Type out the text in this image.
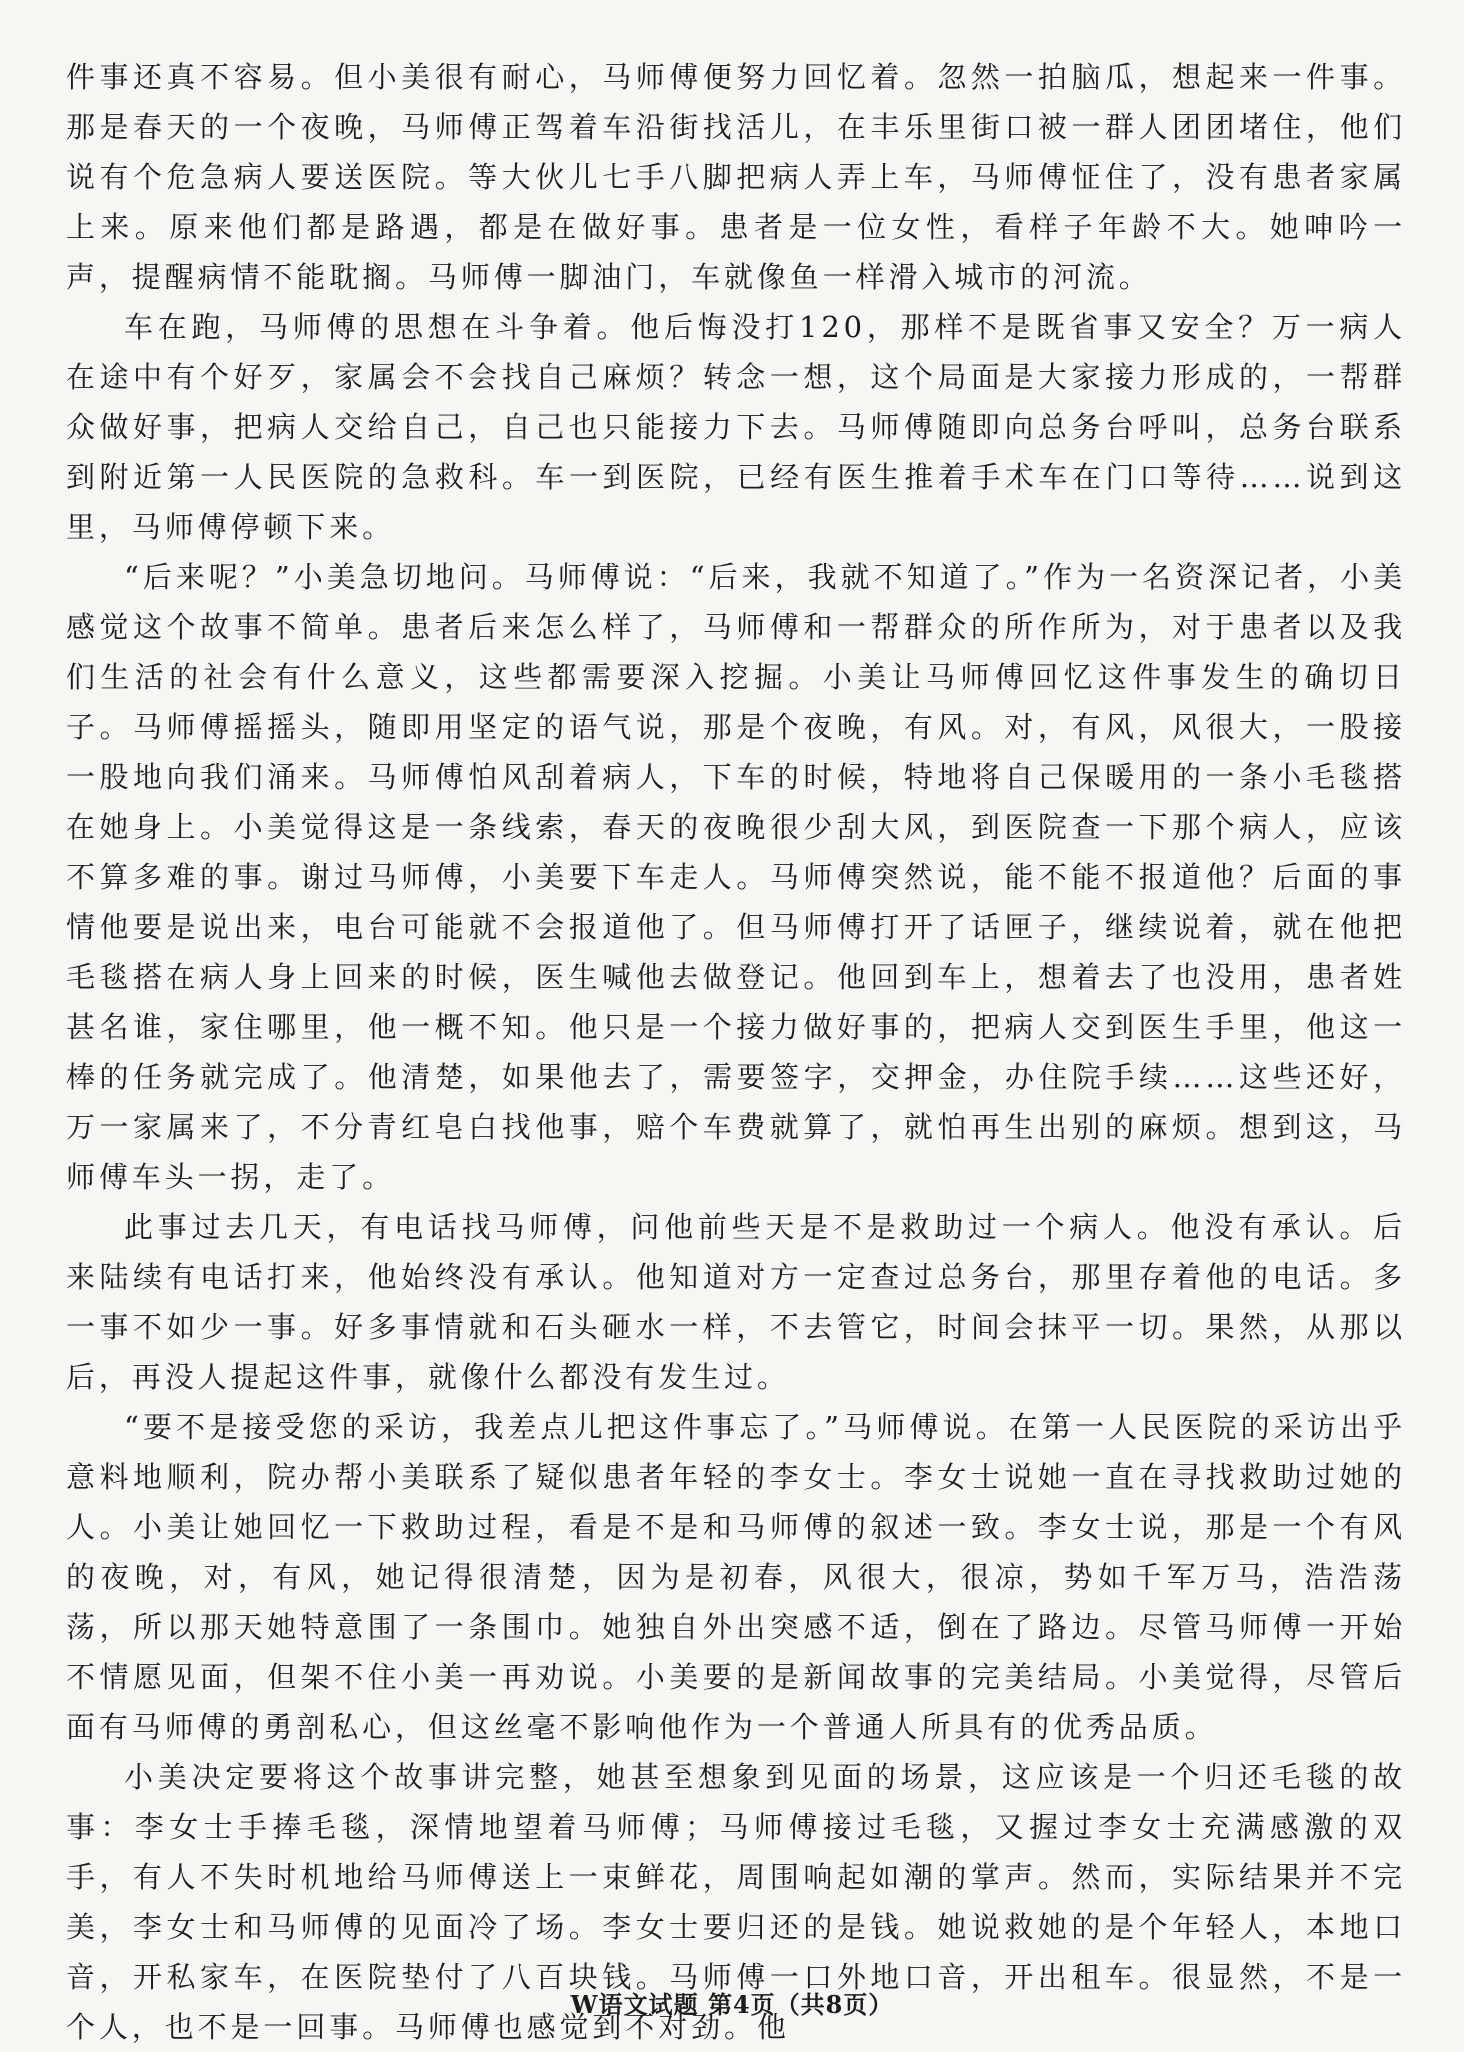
件事还真不容易。但小美很有耐心，马师傅便努力回忆着。忽然一拍脑瓜，想起来一件事。那是春天的一个夜晚，马师傅正驾着车沿街找活儿，在丰乐里街口被一群人团团堵住，他们说有个危急病人要送医院。等大伙儿七手八脚把病人弄上车，马师傅怔住了，没有患者家属上来。原来他们都是路遇，都是在做好事。患者是一位女性，看样子年龄不大。她呻吟一声，提醒病情不能耽搁。马师傅一脚油门，车就像鱼一样滑入城市的河流。

车在跑，马师傅的思想在斗争着。他后悔没打120，那样不是既省事又安全？万一病人在途中有个好歹，家属会不会找自己麻烦？转念一想，这个局面是大家接力形成的，一帮群众做好事，把病人交给自己，自己也只能接力下去。马师傅随即向总务台呼叫，总务台联系到附近第一人民医院的急救科。车一到医院，已经有医生推着手术车在门口等待……说到这里，马师傅停顿下来。

“后来呢？”小美急切地问。马师傅说：“后来，我就不知道了。”作为一名资深记者，小美感觉这个故事不简单。患者后来怎么样了，马师傅和一帮群众的所作所为，对于患者以及我们生活的社会有什么意义，这些都需要深入挖掘。小美让马师傅回忆这件事发生的确切日子。马师傅摇摇头，随即用坚定的语气说，那是个夜晚，有风。对，有风，风很大，一股接一股地向我们涌来。马师傅怕风刮着病人，下车的时候，特地将自己保暖用的一条小毛毯搭在她身上。小美觉得这是一条线索，春天的夜晚很少刮大风，到医院查一下那个病人，应该不算多难的事。谢过马师傅，小美要下车走人。马师傅突然说，能不能不报道他？后面的事情他要是说出来，电台可能就不会报道他了。但马师傅打开了话匣子，继续说着，就在他把毛毯搭在病人身上回来的时候，医生喊他去做登记。他回到车上，想着去了也没用，患者姓甚名谁，家住哪里，他一概不知。他只是一个接力做好事的，把病人交到医生手里，他这一棒的任务就完成了。他清楚，如果他去了，需要签字，交押金，办住院手续……这些还好，万一家属来了，不分青红皂白找他事，赔个车费就算了，就怕再生出别的麻烦。想到这，马师傅车头一拐，走了。

此事过去几天，有电话找马师傅，问他前些天是不是救助过一个病人。他没有承认。后来陆续有电话打来，他始终没有承认。他知道对方一定查过总务台，那里存着他的电话。多一事不如少一事。好多事情就和石头砸水一样，不去管它，时间会抹平一切。果然，从那以后，再没人提起这件事，就像什么都没有发生过。

“要不是接受您的采访，我差点儿把这件事忘了。”马师傅说。在第一人民医院的采访出乎意料地顺利，院办帮小美联系了疑似患者年轻的李女士。李女士说她一直在寻找救助过她的人。小美让她回忆一下救助过程，看是不是和马师傅的叙述一致。李女士说，那是一个有风的夜晚，对，有风，她记得很清楚，因为是初春，风很大，很凉，势如千军万马，浩浩荡荡，所以那天她特意围了一条围巾。她独自外出突感不适，倒在了路边。尽管马师傅一开始不情愿见面，但架不住小美一再劝说。小美要的是新闻故事的完美结局。小美觉得，尽管后面有马师傅的勇剖私心，但这丝毫不影响他作为一个普通人所具有的优秀品质。

小美决定要将这个故事讲完整，她甚至想象到见面的场景，这应该是一个归还毛毯的故事：李女士手捧毛毯，深情地望着马师傅；马师傅接过毛毯，又握过李女士充满感激的双手，有人不失时机地给马师傅送上一束鲜花，周围响起如潮的掌声。然而，实际结果并不完美，李女士和马师傅的见面冷了场。李女士要归还的是钱。她说救她的是个年轻人，本地口音，开私家车，在医院垫付了八百块钱。马师傅一口外地口音，开出租车。很显然，不是一个人，也不是一回事。马师傅也感觉到不对劲。他

W语文试题 第4页（共8页）
